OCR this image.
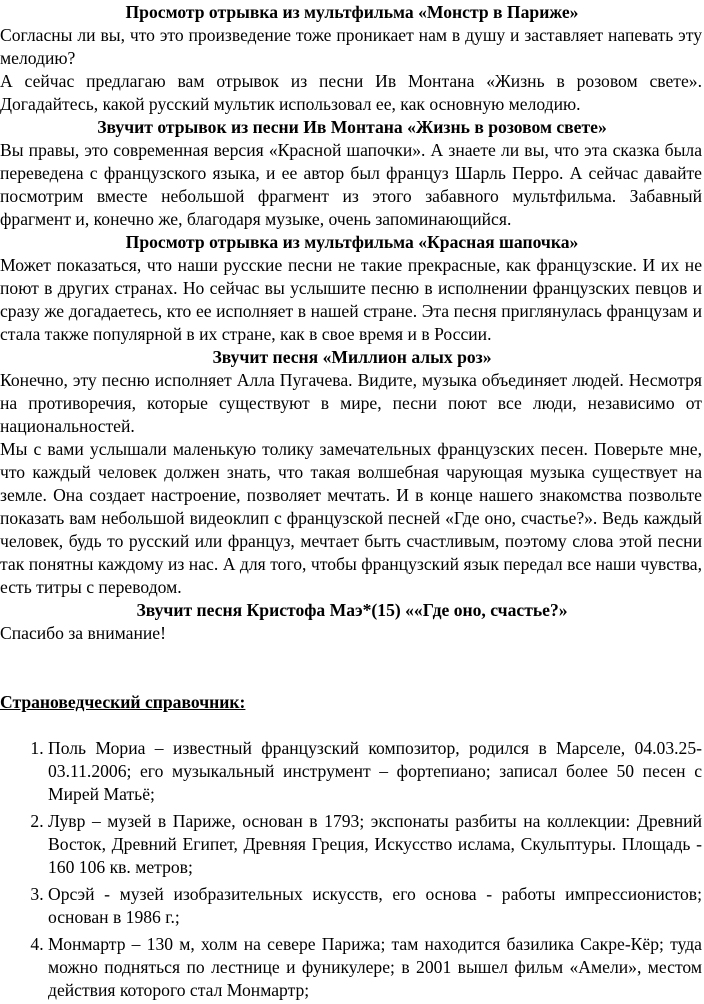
Просмотр отрывка из мультфильма «Монстр в Париже»

Согласны ли вы, что это произведение тоже проникает нам в душу и заставляет напевать эту мелодию?

А сейчас предлагаю вам отрывок из песни Ив Монтана «Жизнь в розовом свете». Догадайтесь, какой русский мультик использовал ее, как основную мелодию.

Звучит отрывок из песни Ив Монтана «Жизнь в розовом свете»

Вы правы, это современная версия «Красной шапочки». А знаете ли вы, что эта сказка была переведена с французского языка, и ее автор был француз Шарль Перро. А сейчас давайте посмотрим вместе небольшой фрагмент из этого забавного мультфильма. Забавный фрагмент и, конечно же, благодаря музыке, очень запоминающийся.

Просмотр отрывка из мультфильма «Красная шапочка»

Может показаться, что наши русские песни не такие прекрасные, как французские. И их не поют в других странах. Но сейчас вы услышите песню в исполнении французских певцов и сразу же догадаетесь, кто ее исполняет в нашей стране. Эта песня приглянулась французам и стала также популярной в их стране, как в свое время и в России.

Звучит песня «Миллион алых роз»

Конечно, эту песню исполняет Алла Пугачева. Видите, музыка объединяет людей. Несмотря на противоречия, которые существуют в мире, песни поют все люди, независимо от национальностей.

Мы с вами услышали маленькую толику замечательных французских песен. Поверьте мне, что каждый человек должен знать, что такая волшебная чарующая музыка существует на земле. Она создает настроение, позволяет мечтать. И в конце нашего знакомства позвольте показать вам небольшой видеоклип с французской песней «Где оно, счастье?». Ведь каждый человек, будь то русский или француз, мечтает быть счастливым, поэтому слова этой песни так понятны каждому из нас. А для того, чтобы французский язык передал все наши чувства, есть титры с переводом.

Звучит песня Кристофа Маэ*(15) ««Где оно, счастье?»

Спасибо за внимание!

Страноведческий справочник:

1. Поль Мориа – известный французский композитор, родился в Марселе, 04.03.25-03.11.2006; его музыкальный инструмент – фортепиано; записал более 50 песен с Мирей Матьё;
2. Лувр – музей в Париже, основан в 1793; экспонаты разбиты на коллекции: Древний Восток, Древний Египет, Древняя Греция, Искусство ислама, Скульптуры. Площадь - 160 106 кв. метров;
3. Орсэй - музей изобразительных искусств, его основа - работы импрессионистов; основан в 1986 г.;
4. Монмартр – 130 м, холм на севере Парижа; там находится базилика Сакре-Кёр; туда можно подняться по лестнице и фуникулере; в 2001 вышел фильм «Амели», местом действия которого стал Монмартр;
